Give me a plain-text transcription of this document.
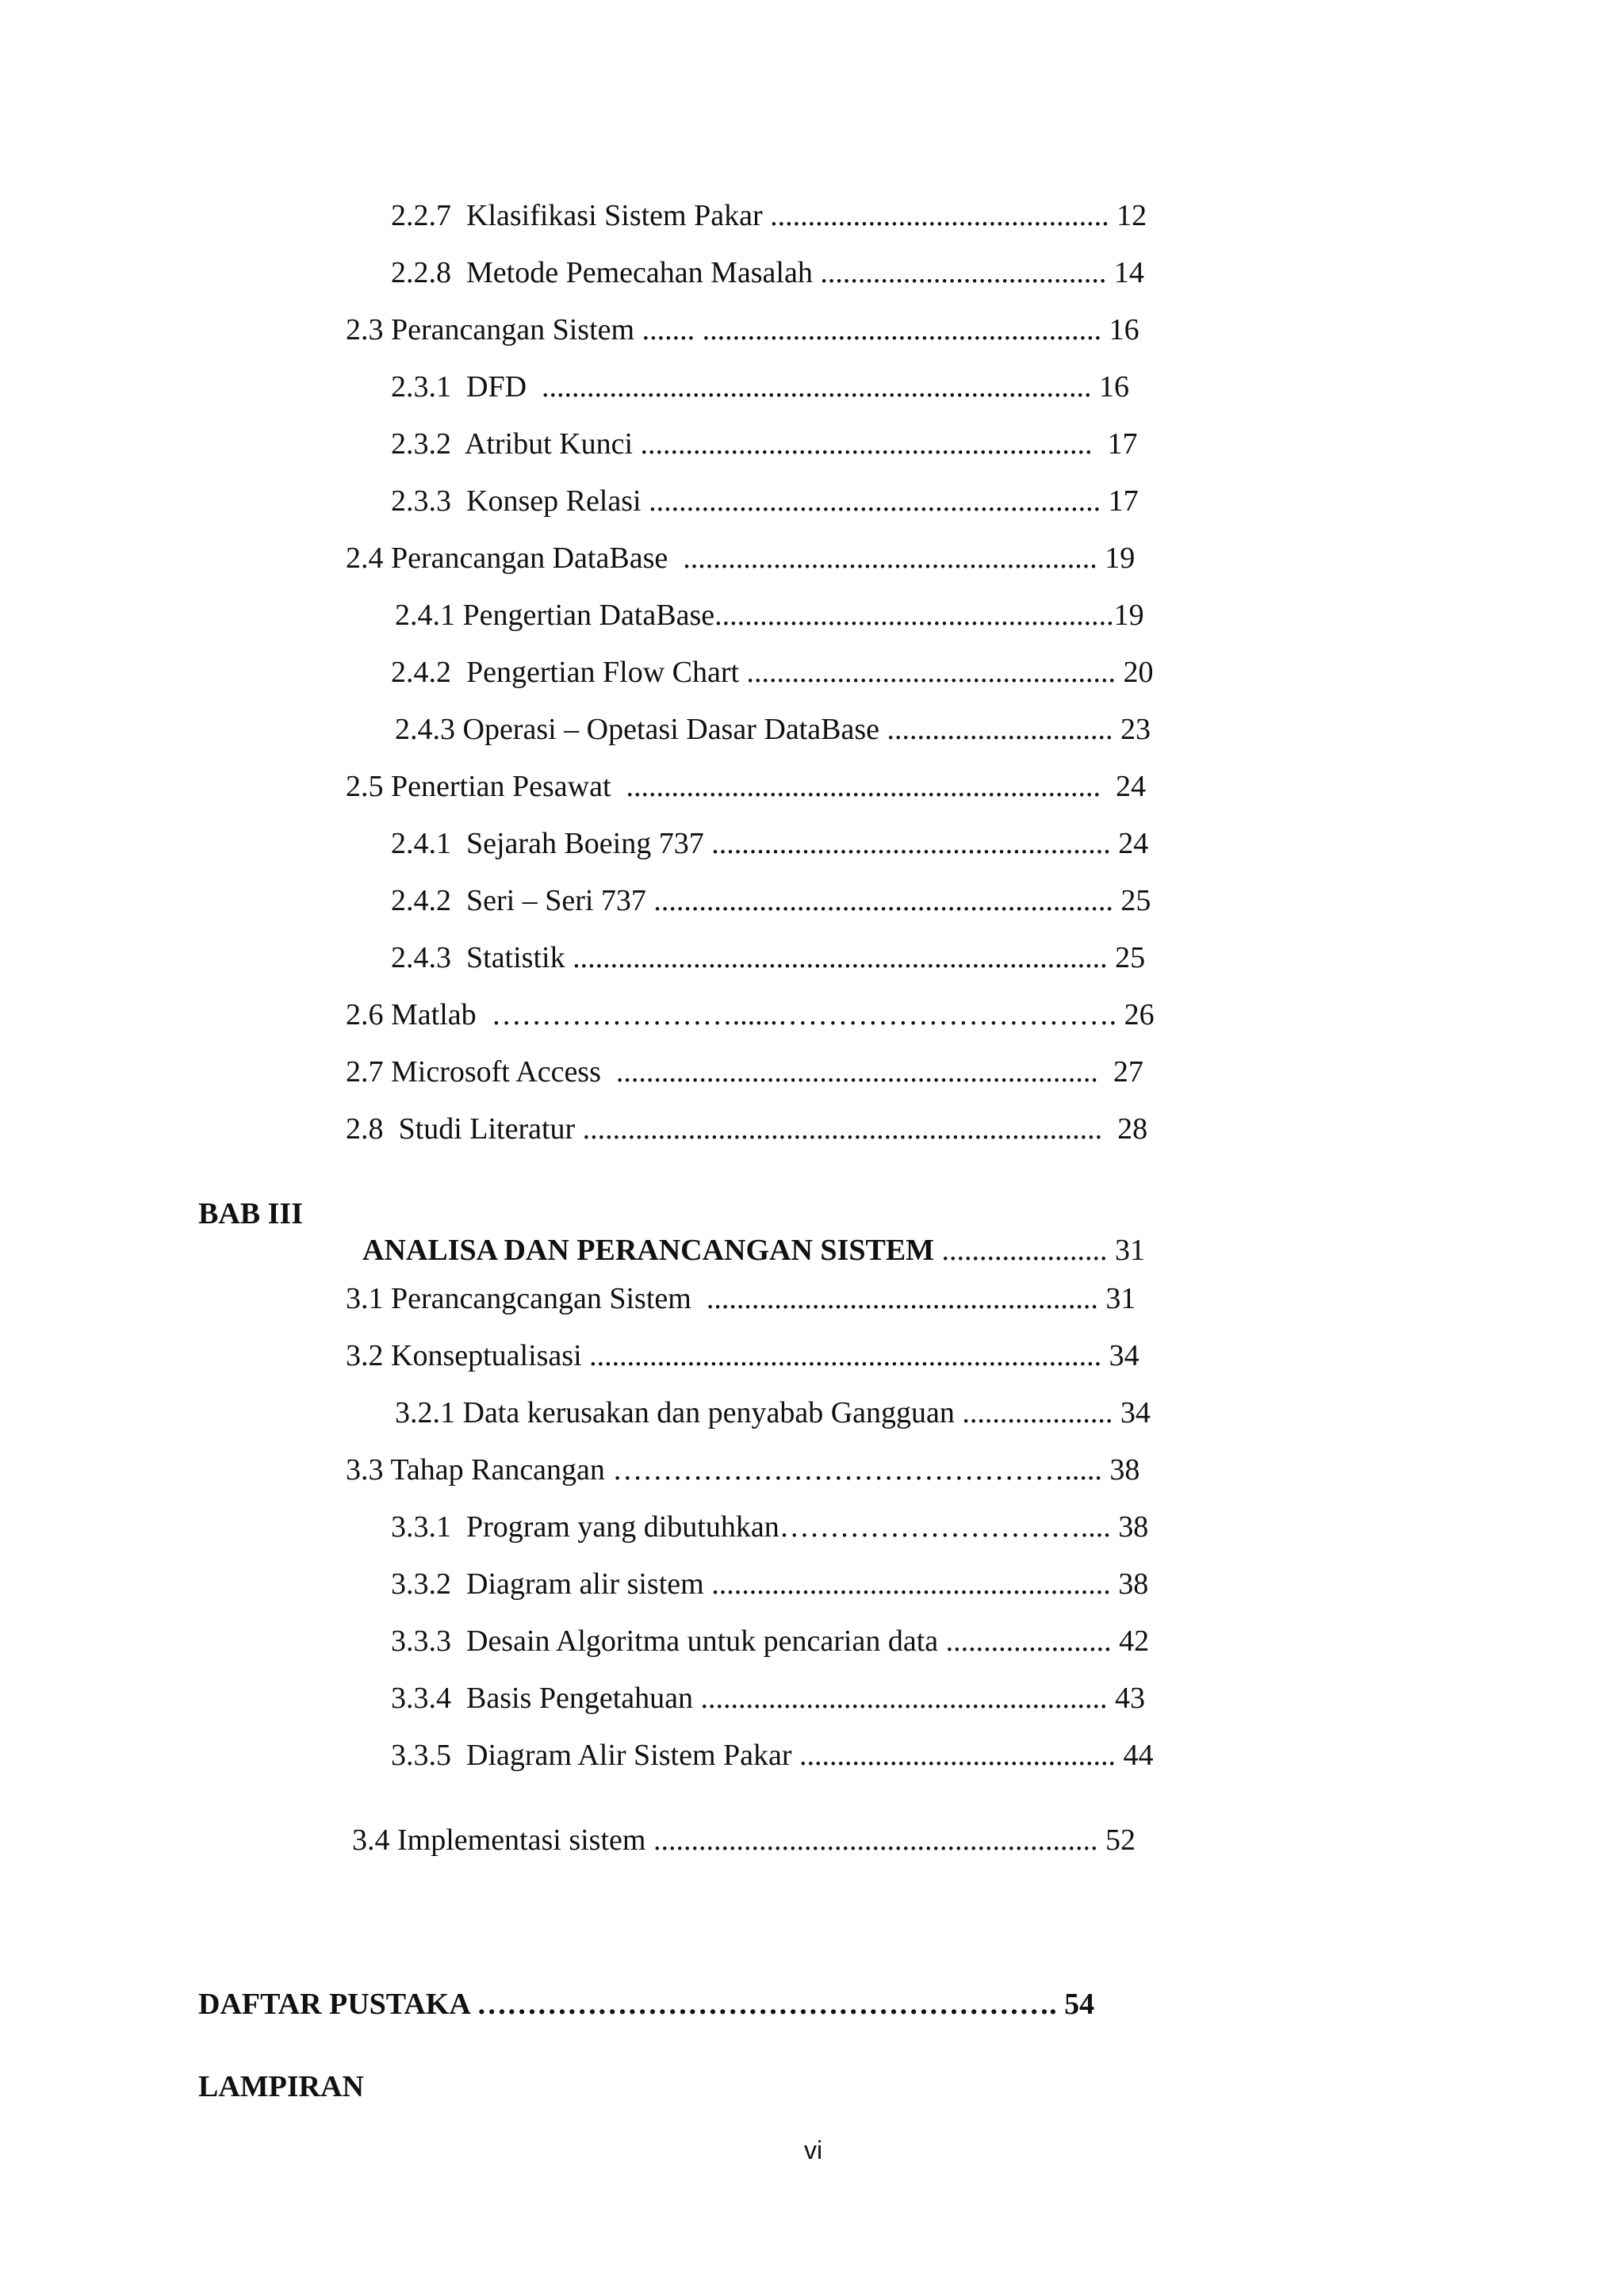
2.2.7  Klasifikasi Sistem Pakar ............................................. 12
2.2.8  Metode Pemecahan Masalah ...................................... 14
2.3 Perancangan Sistem ....... ..................................................... 16
2.3.1  DFD  ......................................................................... 16
2.3.2  Atribut Kunci ............................................................  17
2.3.3  Konsep Relasi ............................................................ 17
2.4 Perancangan DataBase  ....................................................... 19
2.4.1 Pengertian DataBase.....................................................19
2.4.2  Pengertian Flow Chart ................................................. 20
2.4.3 Operasi – Opetasi Dasar DataBase .............................. 23
2.5 Penertian Pesawat  ...............................................................  24
2.4.1  Sejarah Boeing 737 ..................................................... 24
2.4.2  Seri – Seri 737 ............................................................. 25
2.4.3  Statistik ....................................................................... 25
2.6 Matlab  ……………………......……………………………. 26
2.7 Microsoft Access  ................................................................  27
2.8  Studi Literatur .....................................................................  28
BAB III

ANALISA DAN PERANCANGAN SISTEM ...................... 31

3.1 Perancangcangan Sistem  .................................................... 31
3.2 Konseptualisasi .................................................................... 34
3.2.1 Data kerusakan dan penyabab Gangguan .................... 34
3.3 Tahap Rancangan ………………………………………..... 38
3.3.1  Program yang dibutuhkan………………………….... 38
3.3.2  Diagram alir sistem ..................................................... 38
3.3.3  Desain Algoritma untuk pencarian data ...................... 42
3.3.4  Basis Pengetahuan ...................................................... 43
3.3.5  Diagram Alir Sistem Pakar .......................................... 44
3.4 Implementasi sistem ........................................................... 52
DAFTAR PUSTAKA …………………………………………………. 54
LAMPIRAN
vi
